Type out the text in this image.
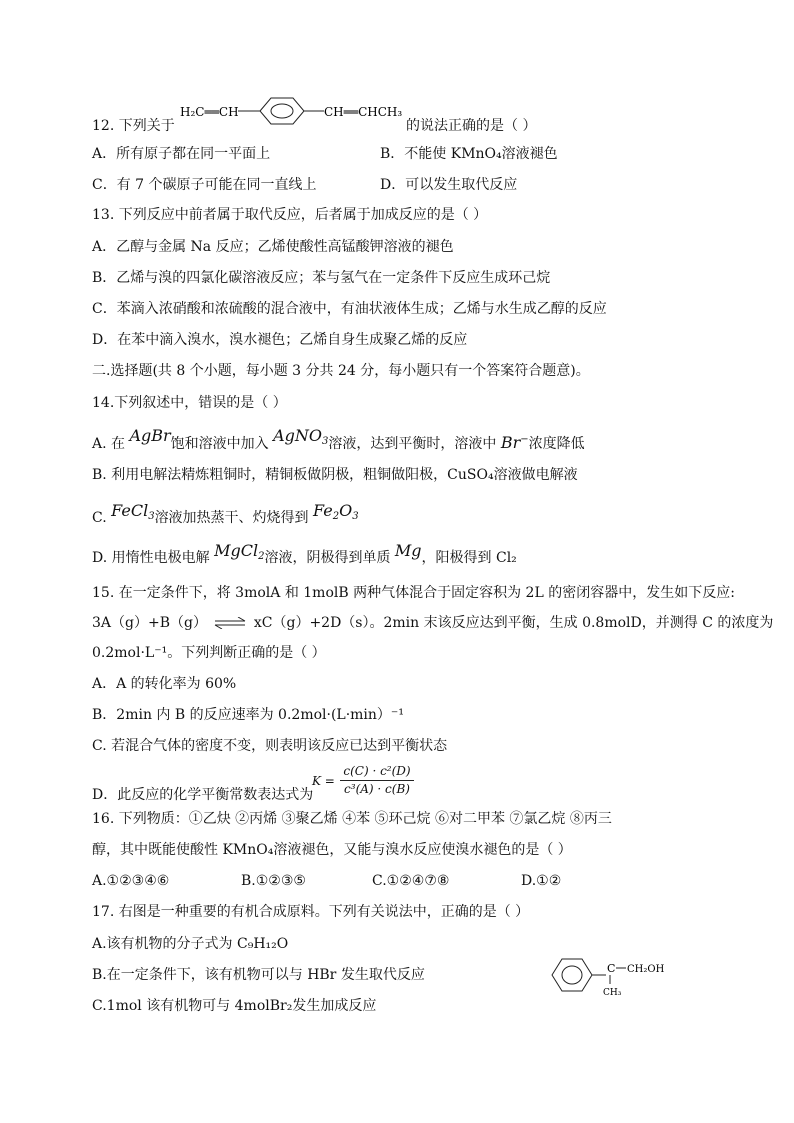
12. 下列关于
H₂C══CH	CH══CHCH₃
的说法正确的是（ ）
A．所有原子都在同一平面上	B．不能使 KMnO₄溶液褪色
C．有 7 个碳原子可能在同一直线上	D．可以发生取代反应
13. 下列反应中前者属于取代反应，后者属于加成反应的是（ ）
A．乙醇与金属 Na 反应；乙烯使酸性高锰酸钾溶液的褪色
B．乙烯与溴的四氯化碳溶液反应；苯与氢气在一定条件下反应生成环己烷
C．苯滴入浓硝酸和浓硫酸的混合液中，有油状液体生成；乙烯与水生成乙醇的反应
D．在苯中滴入溴水，溴水褪色；乙烯自身生成聚乙烯的反应
二.选择题(共 8 个小题，每小题 3 分共 24 分，每小题只有一个答案符合题意)。
14.下列叙述中，错误的是（ ）
A. 在 AgBr饱和溶液中加入 AgNO$_3$溶液，达到平衡时，溶液中 Br−浓度降低
B. 利用电解法精炼粗铜时，精铜板做阴极，粗铜做阳极，CuSO₄溶液做电解液
C. FeCl$_3$溶液加热蒸干、灼烧得到 $Fe_2O_3$
D. 用惰性电极电解 MgCl$_2$溶液，阴极得到单质 Mg，阳极得到 Cl₂
15. 在一定条件下，将 3molA 和 1molB 两种气体混合于固定容积为 2L 的密闭容器中，发生如下反应:
3A（g）+B（g） ⇌ xC（g）+2D（s）。2min 末该反应达到平衡，生成 0.8molD，并测得 C 的浓度为
0.2mol·L⁻¹。下列判断正确的是（ ）
A．A 的转化率为 60%
B．2min 内 B 的反应速率为 0.2mol·(L·min）⁻¹
C. 若混合气体的密度不变，则表明该反应已达到平衡状态
D．此反应的化学平衡常数表达式为
K =
c(C) · c²(D)
c³(A) · c(B)
16. 下列物质：①乙炔 ②丙烯 ③聚乙烯 ④苯 ⑤环己烷 ⑥对二甲苯 ⑦氯乙烷 ⑧丙三
醇，其中既能使酸性 KMnO₄溶液褪色，又能与溴水反应使溴水褪色的是（ ）
A.①②③④⑥	B.①②③⑤	C.①②④⑦⑧	D.①②
17. 右图是一种重要的有机合成原料。下列有关说法中，正确的是（ ）
A.该有机物的分子式为 C₉H₁₂O
B.在一定条件下，该有机物可以与 HBr 发生取代反应
C.1mol 该有机物可与 4molBr₂发生加成反应
C CH₂OH
CH₃
